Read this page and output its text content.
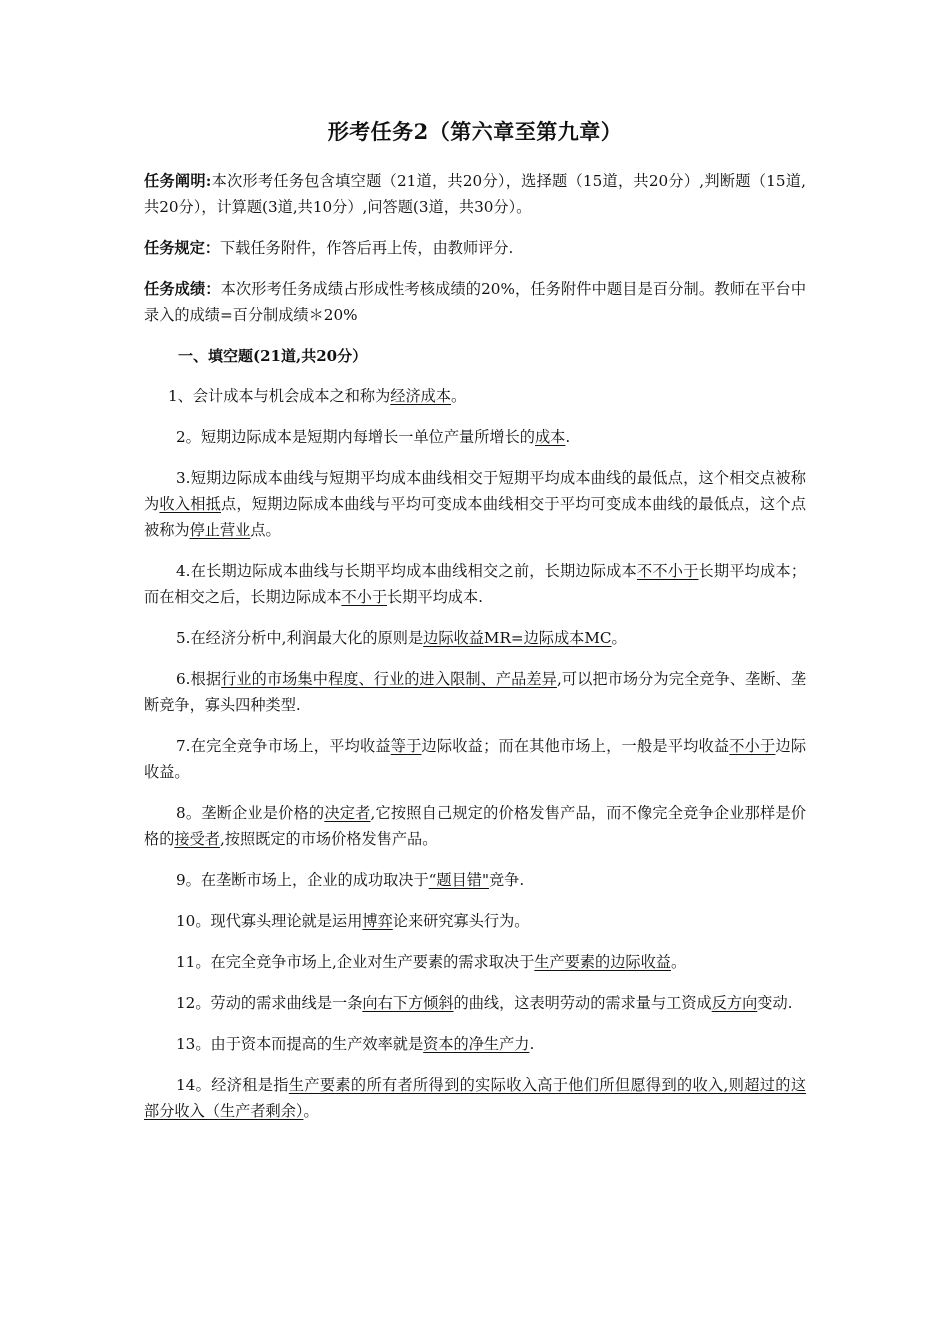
形考任务2（第六章至第九章）

任务阐明:本次形考任务包含填空题（21道，共20分），选择题（15道，共20分）,判断题（15道,共20分），计算题(3道,共10分）,问答题(3道，共30分）。

任务规定：下载任务附件，作答后再上传，由教师评分.

任务成绩：本次形考任务成绩占形成性考核成绩的20%，任务附件中题目是百分制。教师在平台中录入的成绩=百分制成绩＊20%

一、填空题(21道,共20分）

1、会计成本与机会成本之和称为经济成本。

2。短期边际成本是短期内每增长一单位产量所增长的成本.

3.短期边际成本曲线与短期平均成本曲线相交于短期平均成本曲线的最低点，这个相交点被称为收入相抵点，短期边际成本曲线与平均可变成本曲线相交于平均可变成本曲线的最低点，这个点被称为停止营业点。

4.在长期边际成本曲线与长期平均成本曲线相交之前，长期边际成本不不小于长期平均成本；而在相交之后，长期边际成本不小于长期平均成本.

5.在经济分析中,利润最大化的原则是边际收益MR=边际成本MC。

6.根据行业的市场集中程度、行业的进入限制、产品差异,可以把市场分为完全竞争、垄断、垄断竞争，寡头四种类型.

7.在完全竞争市场上，平均收益等于边际收益；而在其他市场上，一般是平均收益不小于边际收益。

8。垄断企业是价格的决定者,它按照自己规定的价格发售产品，而不像完全竞争企业那样是价格的接受者,按照既定的市场价格发售产品。

9。在垄断市场上，企业的成功取决于“题目错"竞争.

10。现代寡头理论就是运用博弈论来研究寡头行为。

11。在完全竞争市场上,企业对生产要素的需求取决于生产要素的边际收益。

12。劳动的需求曲线是一条向右下方倾斜的曲线，这表明劳动的需求量与工资成反方向变动.

13。由于资本而提高的生产效率就是资本的净生产力.

14。经济租是指生产要素的所有者所得到的实际收入高于他们所但愿得到的收入,则超过的这部分收入（生产者剩余）。
